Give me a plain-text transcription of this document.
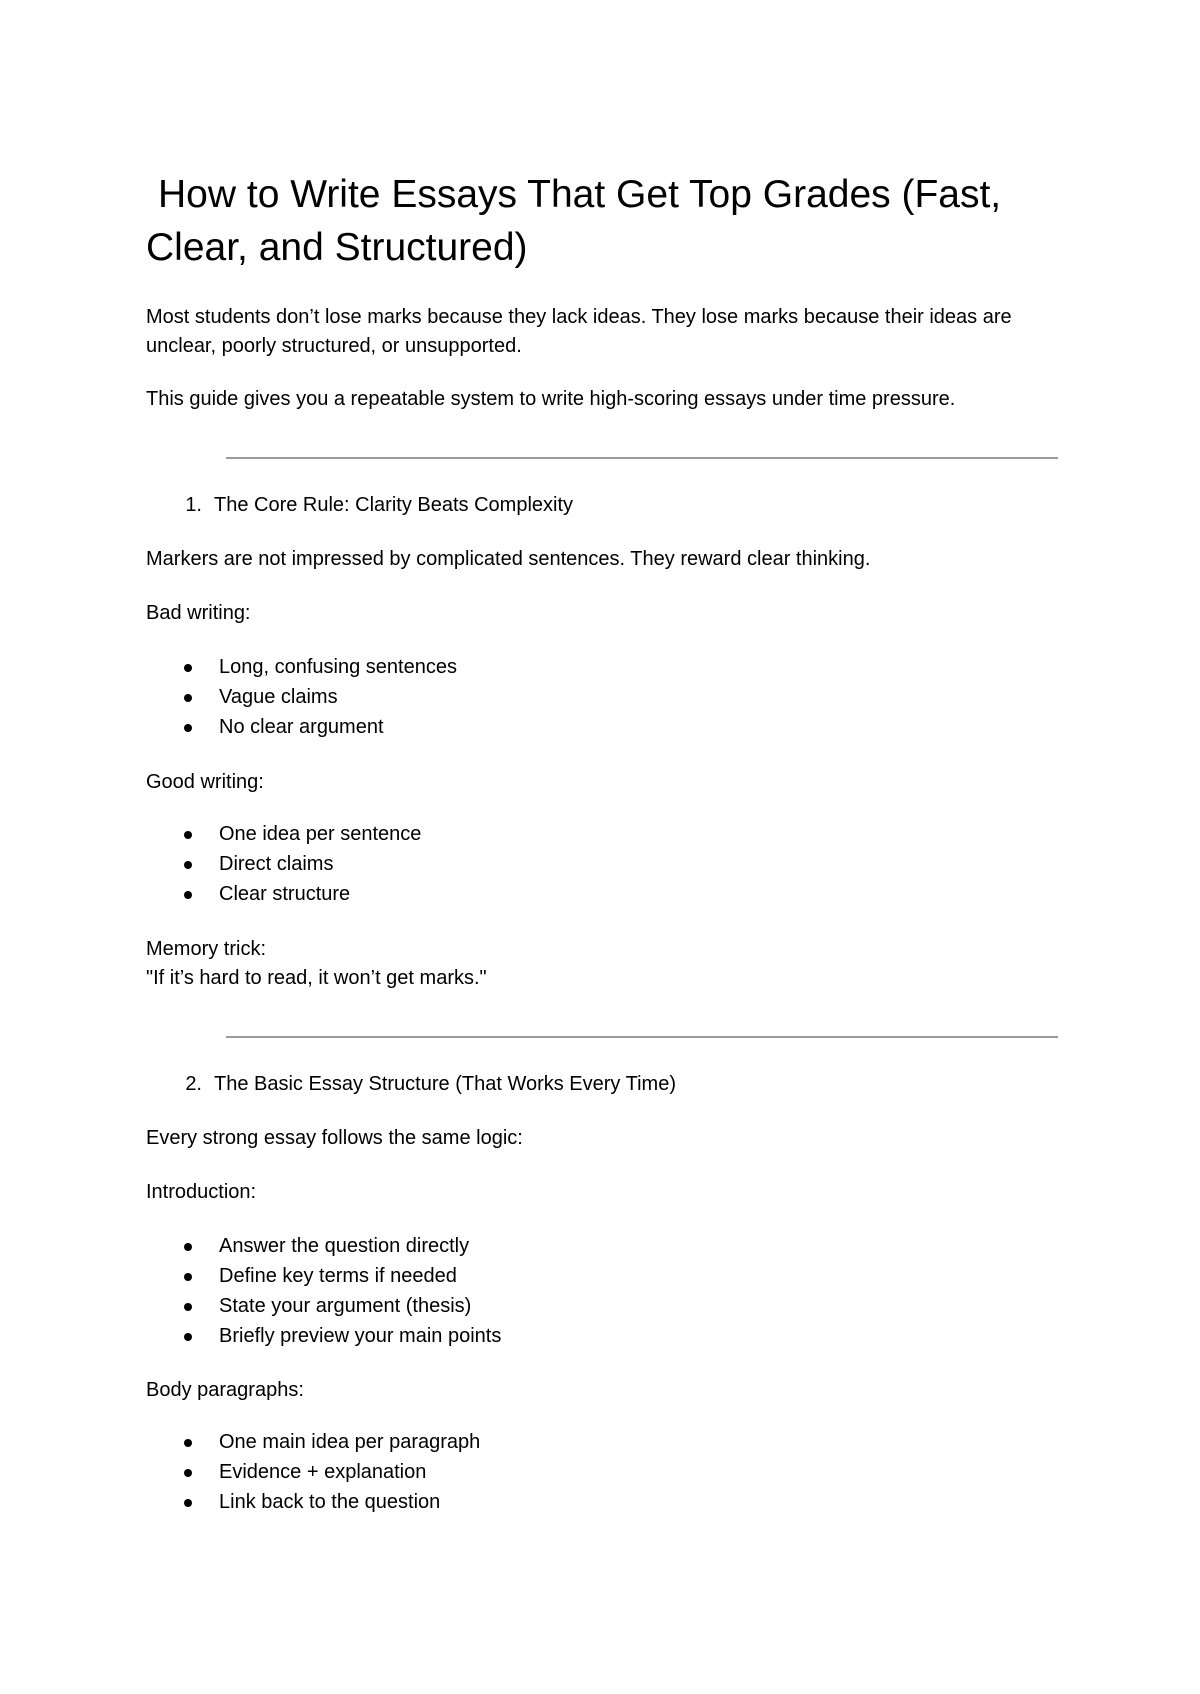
How to Write Essays That Get Top Grades (Fast, Clear, and Structured)

Most students don’t lose marks because they lack ideas. They lose marks because their ideas are unclear, poorly structured, or unsupported.

This guide gives you a repeatable system to write high-scoring essays under time pressure.

1. The Core Rule: Clarity Beats Complexity

Markers are not impressed by complicated sentences. They reward clear thinking.

Bad writing:

Long, confusing sentences
Vague claims
No clear argument

Good writing:

One idea per sentence
Direct claims
Clear structure

Memory trick:

"If it’s hard to read, it won’t get marks."

2. The Basic Essay Structure (That Works Every Time)

Every strong essay follows the same logic:

Introduction:

Answer the question directly
Define key terms if needed
State your argument (thesis)
Briefly preview your main points

Body paragraphs:

One main idea per paragraph
Evidence + explanation
Link back to the question
